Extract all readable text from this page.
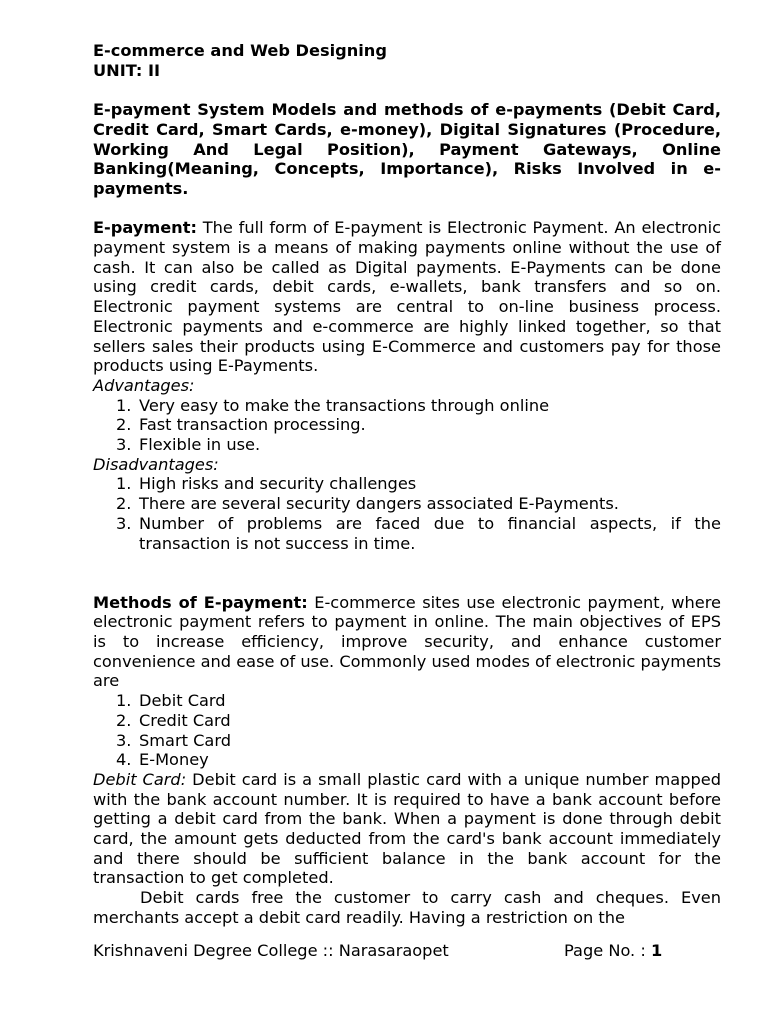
E-commerce and Web Designing

UNIT: II

E-payment System Models and methods of e-payments (Debit Card, Credit Card, Smart Cards, e-money), Digital Signatures (Procedure, Working And Legal Position), Payment Gateways, Online Banking(Meaning, Concepts, Importance), Risks Involved in e-payments.

E-payment: The full form of E-payment is Electronic Payment. An electronic payment system is a means of making payments online without the use of cash. It can also be called as Digital payments. E-Payments can be done using credit cards, debit cards, e-wallets, bank transfers and so on. Electronic payment systems are central to on-line business process. Electronic payments and e-commerce are highly linked together, so that sellers sales their products using E-Commerce and customers pay for those products using E-Payments.

Advantages:

1. Very easy to make the transactions through online
2. Fast transaction processing.
3. Flexible in use.

Disadvantages:

1. High risks and security challenges
2. There are several security dangers associated E-Payments.
3. Number of problems are faced due to financial aspects, if the transaction is not success in time.

Methods of E-payment: E-commerce sites use electronic payment, where electronic payment refers to payment in online. The main objectives of EPS is to increase efficiency, improve security, and enhance customer convenience and ease of use. Commonly used modes of electronic payments are

1. Debit Card
2. Credit Card
3. Smart Card
4. E-Money

Debit Card: Debit card is a small plastic card with a unique number mapped with the bank account number. It is required to have a bank account before getting a debit card from the bank. When a payment is done through debit card, the amount gets deducted from the card's bank account immediately and there should be sufficient balance in the bank account for the transaction to get completed.

Debit cards free the customer to carry cash and cheques. Even merchants accept a debit card readily. Having a restriction on the

Krishnaveni Degree College :: Narasaraopet	Page No. : 1
